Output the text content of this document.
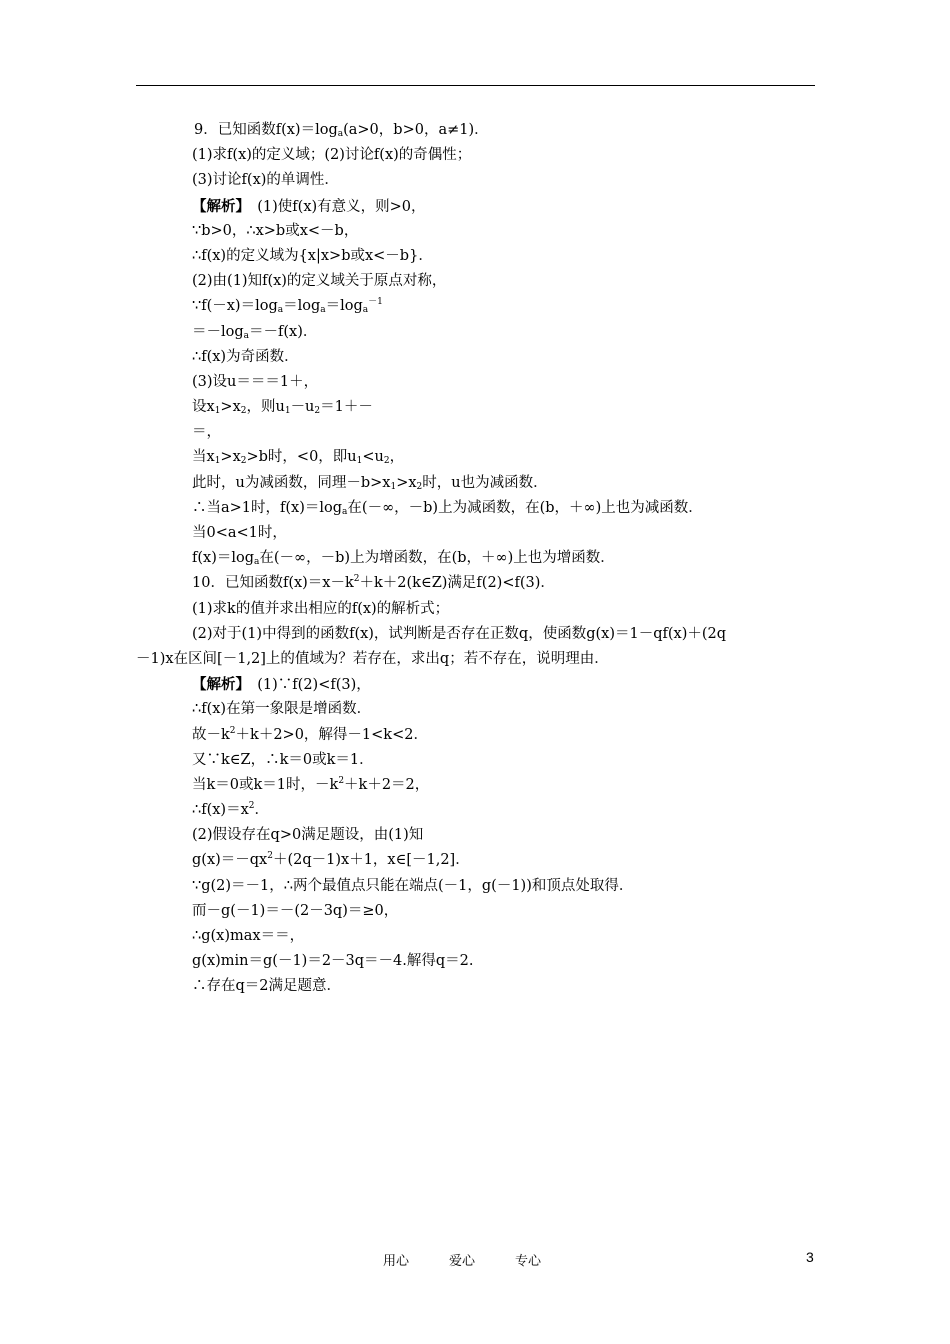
9．已知函数$f(x)=\log_a(a>0$，b>0，a≠1)．
(1)求f(x)的定义域；(2)讨论f(x)的奇偶性；
(3)讨论f(x)的单调性．
【解析】　(1)使f(x)有意义，则>0，
∵b>0，∴x>b或x<－b，
∴f(x)的定义域为{x|x>b或x<－b}．
(2)由(1)知f(x)的定义域关于原点对称，
$\because f(-x)=\log_a=\log_a=\log_a^{-1}$
$=-\log_a=-f(x)$．
∴f(x)为奇函数．
(3)设u＝＝＝1＋，
设$x_1>x_2$，则$u_1-u_2=1+-$
＝，
当$x_1>x_2>b$时，<0，即$u_1<u_2$，
此时，u为减函数，同理$-b>x_1>x_2$时，u也为减函数．
∴当a>1时，$f(x)=\log_a$在(－∞，－b)上为减函数，在(b，＋∞)上也为减函数．
当0<a<1时，
$f(x)=\log_a$在(－∞，－b)上为增函数，在(b，＋∞)上也为增函数．
10．已知函数$f(x)=x-k^2+k+2(k\in Z)$满足f(2)<f(3)．
(1)求k的值并求出相应的f(x)的解析式；
(2)对于(1)中得到的函数f(x)，试判断是否存在正数q，使函数g(x)＝1－qf(x)＋(2q
－1)x在区间[－1,2]上的值域为？若存在，求出q；若不存在，说明理由．
【解析】　(1)∵f(2)<f(3)，
∴f(x)在第一象限是增函数．
故$-k^2+k+2>0$，解得－1<k<2．
又∵k∈Z，∴k＝0或k＝1．
当k＝0或k＝1时，$-k^2+k+2=2$，
$\therefore f(x)=x^2$．
(2)假设存在q>0满足题设，由(1)知
$g(x)=-qx^2+(2q-1)x+1$，x∈[－1,2]．
∵g(2)＝－1，∴两个最值点只能在端点(－1，g(－1))和顶点处取得．
而－g(－1)＝－(2－3q)＝≥0，
∴g(x)max＝＝，
g(x)min＝g(－1)＝2－3q＝－4.解得q＝2.
∴存在q＝2满足题意．
用心	爱心	专心	3
